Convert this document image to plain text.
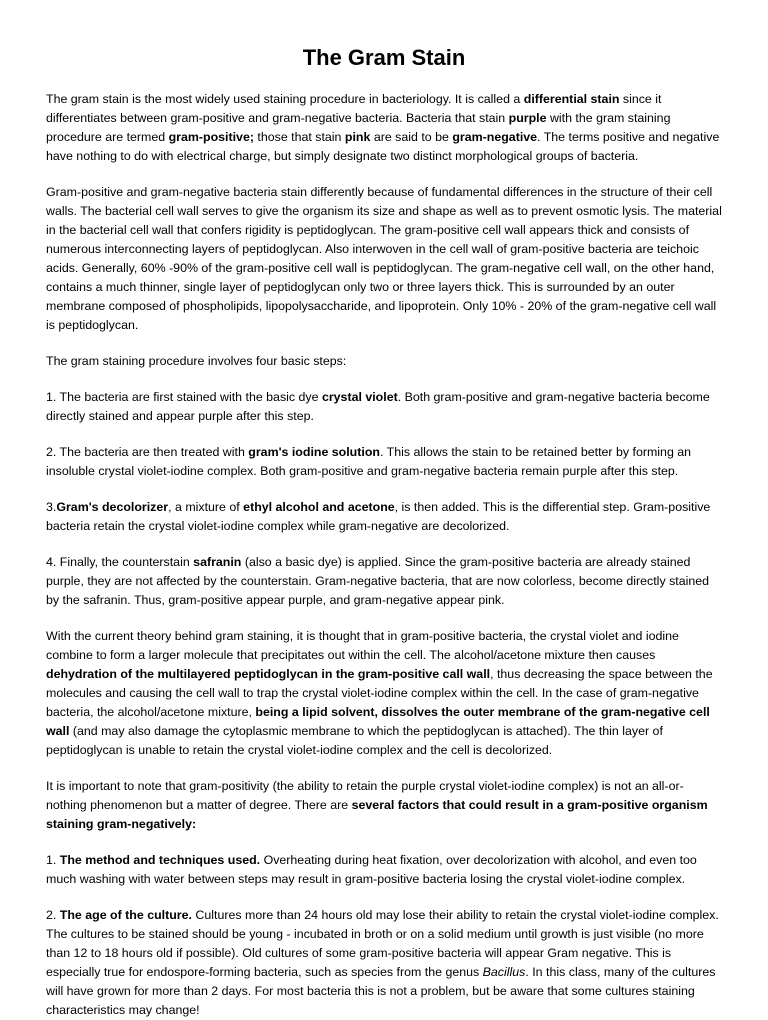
The Gram Stain

The gram stain is the most widely used staining procedure in bacteriology. It is called a differential stain since it differentiates between gram-positive and gram-negative bacteria. Bacteria that stain purple with the gram staining procedure are termed gram-positive; those that stain pink are said to be gram-negative. The terms positive and negative have nothing to do with electrical charge, but simply designate two distinct morphological groups of bacteria.

Gram-positive and gram-negative bacteria stain differently because of fundamental differences in the structure of their cell walls. The bacterial cell wall serves to give the organism its size and shape as well as to prevent osmotic lysis. The material in the bacterial cell wall that confers rigidity is peptidoglycan. The gram-positive cell wall appears thick and consists of numerous interconnecting layers of peptidoglycan. Also interwoven in the cell wall of gram-positive bacteria are teichoic acids. Generally, 60% -90% of the gram-positive cell wall is peptidoglycan. The gram-negative cell wall, on the other hand, contains a much thinner, single layer of peptidoglycan only two or three layers thick. This is surrounded by an outer membrane composed of phospholipids, lipopolysaccharide, and lipoprotein. Only 10% - 20% of the gram-negative cell wall is peptidoglycan.

The gram staining procedure involves four basic steps:

1. The bacteria are first stained with the basic dye crystal violet. Both gram-positive and gram-negative bacteria become directly stained and appear purple after this step.

2. The bacteria are then treated with gram's iodine solution. This allows the stain to be retained better by forming an insoluble crystal violet-iodine complex. Both gram-positive and gram-negative bacteria remain purple after this step.

3.Gram's decolorizer, a mixture of ethyl alcohol and acetone, is then added. This is the differential step. Gram-positive bacteria retain the crystal violet-iodine complex while gram-negative are decolorized.

4. Finally, the counterstain safranin (also a basic dye) is applied. Since the gram-positive bacteria are already stained purple, they are not affected by the counterstain. Gram-negative bacteria, that are now colorless, become directly stained by the safranin. Thus, gram-positive appear purple, and gram-negative appear pink.

With the current theory behind gram staining, it is thought that in gram-positive bacteria, the crystal violet and iodine combine to form a larger molecule that precipitates out within the cell. The alcohol/acetone mixture then causes dehydration of the multilayered peptidoglycan in the gram-positive call wall, thus decreasing the space between the molecules and causing the cell wall to trap the crystal violet-iodine complex within the cell. In the case of gram-negative bacteria, the alcohol/acetone mixture, being a lipid solvent, dissolves the outer membrane of the gram-negative cell wall (and may also damage the cytoplasmic membrane to which the peptidoglycan is attached). The thin layer of peptidoglycan is unable to retain the crystal violet-iodine complex and the cell is decolorized.

It is important to note that gram-positivity (the ability to retain the purple crystal violet-iodine complex) is not an all-or-nothing phenomenon but a matter of degree. There are several factors that could result in a gram-positive organism staining gram-negatively:

1. The method and techniques used. Overheating during heat fixation, over decolorization with alcohol, and even too much washing with water between steps may result in gram-positive bacteria losing the crystal violet-iodine complex.

2. The age of the culture. Cultures more than 24 hours old may lose their ability to retain the crystal violet-iodine complex. The cultures to be stained should be young - incubated in broth or on a solid medium until growth is just visible (no more than 12 to 18 hours old if possible). Old cultures of some gram-positive bacteria will appear Gram negative. This is especially true for endospore-forming bacteria, such as species from the genus Bacillus. In this class, many of the cultures will have grown for more than 2 days. For most bacteria this is not a problem, but be aware that some cultures staining characteristics may change!
